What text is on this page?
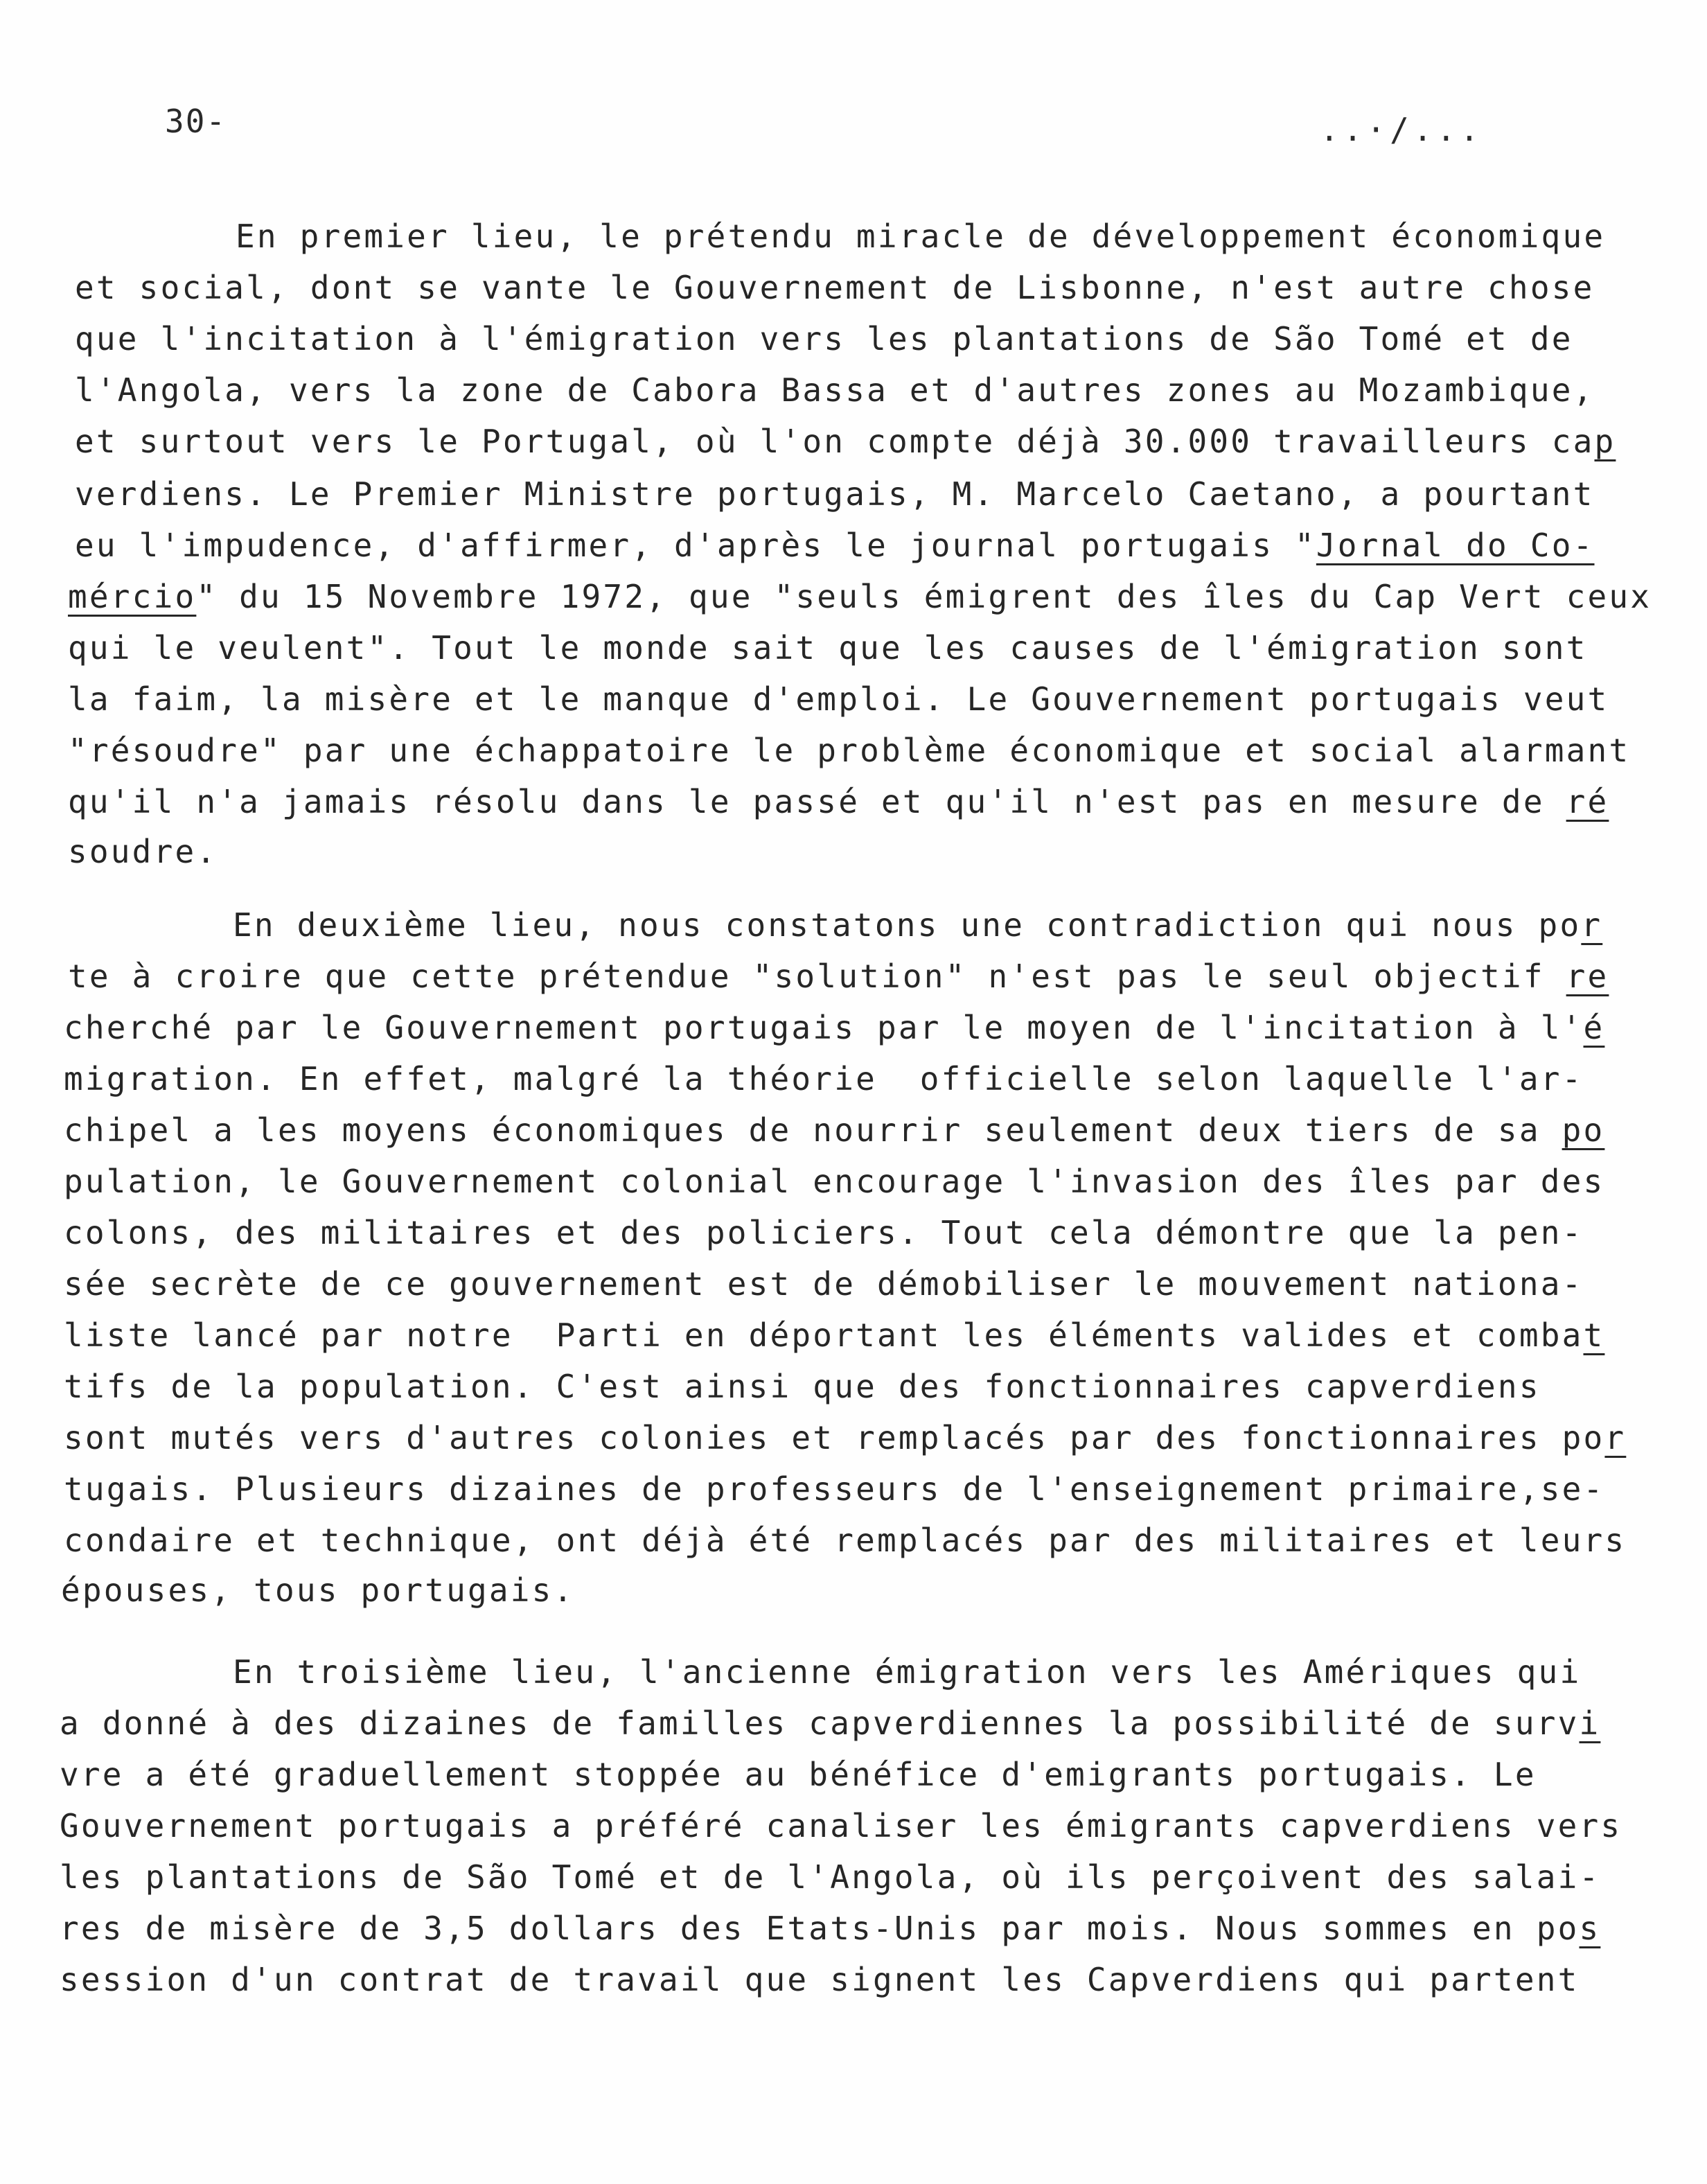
30-	..·/...
En premier lieu, le prétendu miracle de développement économique
et social, dont se vante le Gouvernement de Lisbonne, n'est autre chose
que l'incitation à l'émigration vers les plantations de São Tomé et de
l'Angola, vers la zone de Cabora Bassa et d'autres zones au Mozambique,
et surtout vers le Portugal, où l'on compte déjà 30.000 travailleurs cap
verdiens. Le Premier Ministre portugais, M. Marcelo Caetano, a pourtant
eu l'impudence, d'affirmer, d'après le journal portugais "Jornal do Co-
mércio" du 15 Novembre 1972, que "seuls émigrent des îles du Cap Vert ceux
qui le veulent". Tout le monde sait que les causes de l'émigration sont
la faim, la misère et le manque d'emploi. Le Gouvernement portugais veut
"résoudre" par une échappatoire le problème économique et social alarmant
qu'il n'a jamais résolu dans le passé et qu'il n'est pas en mesure de ré
soudre.
En deuxième lieu, nous constatons une contradiction qui nous por
te à croire que cette prétendue "solution" n'est pas le seul objectif re
cherché par le Gouvernement portugais par le moyen de l'incitation à l'é
migration. En effet, malgré la théorie  officielle selon laquelle l'ar-
chipel a les moyens économiques de nourrir seulement deux tiers de sa po
pulation, le Gouvernement colonial encourage l'invasion des îles par des
colons, des militaires et des policiers. Tout cela démontre que la pen-
sée secrète de ce gouvernement est de démobiliser le mouvement nationa-
liste lancé par notre  Parti en déportant les éléments valides et combat
tifs de la population. C'est ainsi que des fonctionnaires capverdiens
sont mutés vers d'autres colonies et remplacés par des fonctionnaires por
tugais. Plusieurs dizaines de professeurs de l'enseignement primaire,se-
condaire et technique, ont déjà été remplacés par des militaires et leurs
épouses, tous portugais.
En troisième lieu, l'ancienne émigration vers les Amériques qui
a donné à des dizaines de familles capverdiennes la possibilité de survi
vre a été graduellement stoppée au bénéfice d'emigrants portugais. Le
Gouvernement portugais a préféré canaliser les émigrants capverdiens vers
les plantations de São Tomé et de l'Angola, où ils perçoivent des salai-
res de misère de 3,5 dollars des Etats-Unis par mois. Nous sommes en pos
session d'un contrat de travail que signent les Capverdiens qui partent
